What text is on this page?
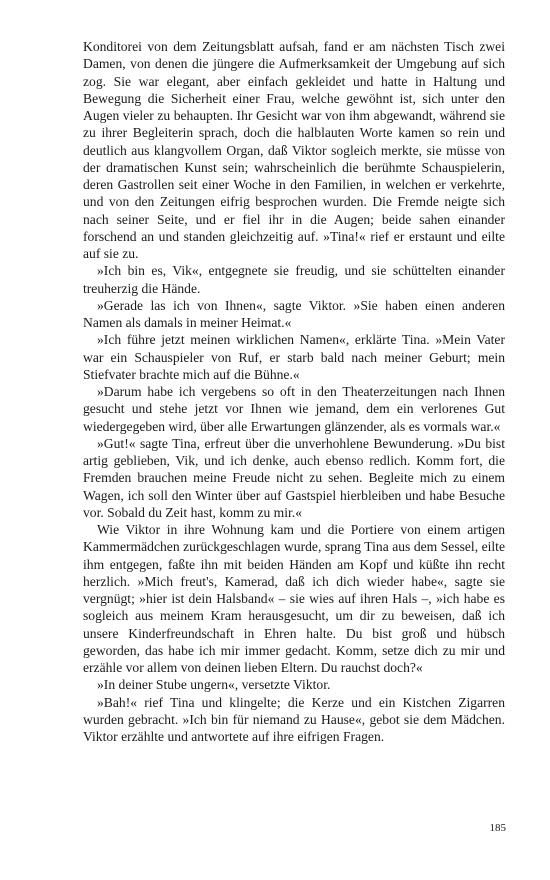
Konditorei von dem Zeitungsblatt aufsah, fand er am nächsten Tisch zwei Damen, von denen die jüngere die Aufmerksamkeit der Umgebung auf sich zog. Sie war elegant, aber einfach gekleidet und hatte in Haltung und Bewegung die Sicherheit einer Frau, welche gewöhnt ist, sich unter den Augen vieler zu behaupten. Ihr Gesicht war von ihm abgewandt, während sie zu ihrer Begleiterin sprach, doch die halblauten Worte kamen so rein und deutlich aus klangvollem Organ, daß Viktor sogleich merkte, sie müsse von der dramatischen Kunst sein; wahrscheinlich die berühmte Schauspielerin, deren Gastrollen seit einer Woche in den Familien, in welchen er verkehrte, und von den Zeitungen eifrig besprochen wurden. Die Fremde neigte sich nach seiner Seite, und er fiel ihr in die Augen; beide sahen einander forschend an und standen gleichzeitig auf. »Tina!« rief er erstaunt und eilte auf sie zu.

»Ich bin es, Vik«, entgegnete sie freudig, und sie schüttelten einander treuherzig die Hände.

»Gerade las ich von Ihnen«, sagte Viktor. »Sie haben einen anderen Namen als damals in meiner Heimat.«

»Ich führe jetzt meinen wirklichen Namen«, erklärte Tina. »Mein Vater war ein Schauspieler von Ruf, er starb bald nach meiner Geburt; mein Stiefvater brachte mich auf die Bühne.«

»Darum habe ich vergebens so oft in den Theaterzeitungen nach Ihnen gesucht und stehe jetzt vor Ihnen wie jemand, dem ein verlorenes Gut wiedergegeben wird, über alle Erwartungen glänzender, als es vormals war.«

»Gut!« sagte Tina, erfreut über die unverhohlene Bewunderung. »Du bist artig geblieben, Vik, und ich denke, auch ebenso redlich. Komm fort, die Fremden brauchen meine Freude nicht zu sehen. Begleite mich zu einem Wagen, ich soll den Winter über auf Gastspiel hierbleiben und habe Besuche vor. Sobald du Zeit hast, komm zu mir.«

Wie Viktor in ihre Wohnung kam und die Portiere von einem artigen Kammermädchen zurückgeschlagen wurde, sprang Tina aus dem Sessel, eilte ihm entgegen, faßte ihn mit beiden Händen am Kopf und küßte ihn recht herzlich. »Mich freut's, Kamerad, daß ich dich wieder habe«, sagte sie vergnügt; »hier ist dein Halsband« – sie wies auf ihren Hals –, »ich habe es sogleich aus meinem Kram herausgesucht, um dir zu beweisen, daß ich unsere Kinderfreundschaft in Ehren halte. Du bist groß und hübsch geworden, das habe ich mir immer gedacht. Komm, setze dich zu mir und erzähle vor allem von deinen lieben Eltern. Du rauchst doch?«

»In deiner Stube ungern«, versetzte Viktor.

»Bah!« rief Tina und klingelte; die Kerze und ein Kistchen Zigarren wurden gebracht. »Ich bin für niemand zu Hause«, gebot sie dem Mädchen. Viktor erzählte und antwortete auf ihre eifrigen Fragen.

185
